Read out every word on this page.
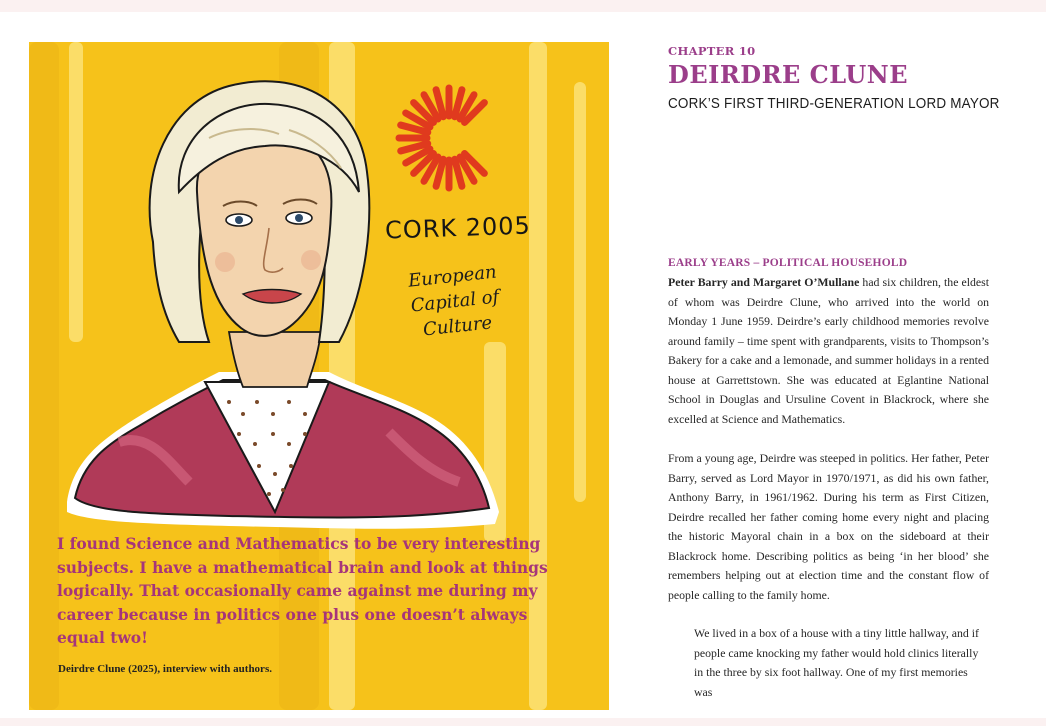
CORK 2005
European
Capital of
Culture
I found Science and Mathematics to be very interesting subjects. I have a mathematical brain and look at things logically. That occasionally came against me during my career because in politics one plus one doesn’t always equal two!
Deirdre Clune (2025), interview with authors.
CHAPTER 10
DEIRDRE CLUNE
CORK’S FIRST THIRD-GENERATION LORD MAYOR
EARLY YEARS – POLITICAL HOUSEHOLD
Peter Barry and Margaret O’Mullane had six children, the eldest of whom was Deirdre Clune, who arrived into the world on Monday 1 June 1959. Deirdre’s early childhood memories revolve around family – time spent with grandparents, visits to Thompson’s Bakery for a cake and a lemonade, and summer holidays in a rented house at Garrettstown. She was educated at Eglantine National School in Douglas and Ursuline Covent in Blackrock, where she excelled at Science and Mathematics.
From a young age, Deirdre was steeped in politics. Her father, Peter Barry, served as Lord Mayor in 1970/1971, as did his own father, Anthony Barry, in 1961/1962. During his term as First Citizen, Deirdre recalled her father coming home every night and placing the historic Mayoral chain in a box on the sideboard at their Blackrock home. Describing politics as being ‘in her blood’ she remembers helping out at election time and the constant flow of people calling to the family home.
We lived in a box of a house with a tiny little hallway, and if people came knocking my father would hold clinics literally in the three by six foot hallway. One of my first memories was
